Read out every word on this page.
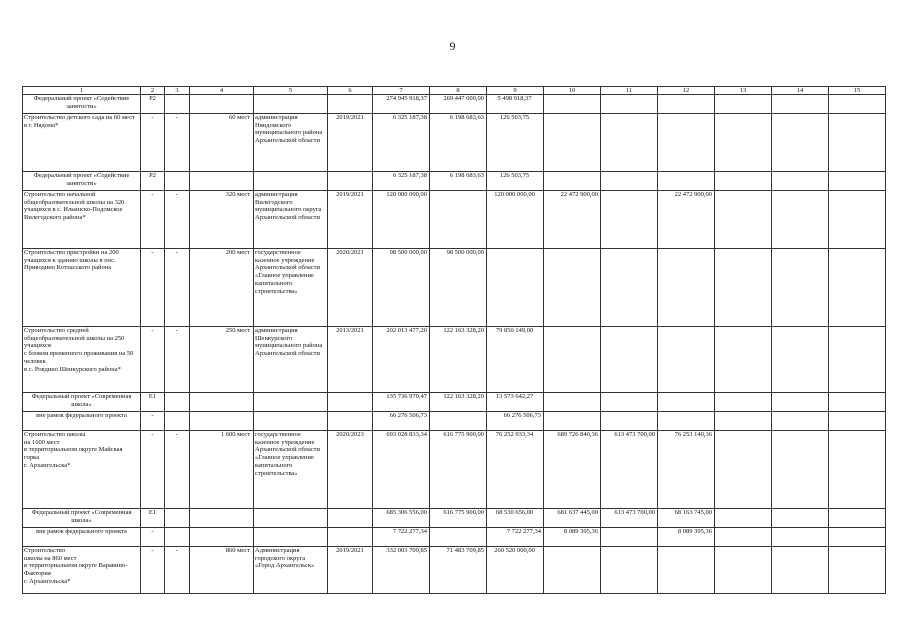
9
1	2	3	4	5	6	7	8	9	10	11	12	13	14	15
Федеральный проект «Содействие занятости»	Р2					274 945 918,37	269 447 000,00	5 498 918,37						
Строительство детского сада на 60 мест
в г. Нядома*	-	-	60 мест	администрация Няндомского муниципального района Архангельской области	2019/2021	6 325 187,38	6 198 683,63	126 503,75						
Федеральный проект «Содействие занятости»	Р2					6 325 187,38	6 198 683,63	126 503,75						
Строительство начальной общеобразовательной школы на 320 учащихся в с. Ильинско-Подомское Вилегодского района*	-	-	320 мест	администрация Вилегодского муниципального округа Архангельской области	2019/2021	120 000 000,00		120 000 000,00	22 472 900,00		22 472 900,00			
Строительство пристройки на 200 учащихся к зданию школы в пос. Приводино Котласского района	-	-	200 мест	государственное казенное учреждение Архангельской области «Главное управление капитального строительства»	2020/2021	98 500 000,00	98 500 000,00							
Строительство средней общеобразовательной школы на 250 учащихся
с блоком временного проживания на 50 человек
в с. Ровдино Шенкурского района*	-	-	250 мест	администрация Шенкурского муниципального района Архангельской области	2013/2021	202 013 477,20	122 163 328,20	79 850 149,00						
Федеральный проект «Современная школа»	Е1					135 736 970,47	122 163 328,20	13 573 642,27						
вне рамок федерального проекта	-					66 276 506,73		66 276 506,73						
Строительство школы
на 1600 мест
в территориальном округе Майская горка
г. Архангельска*	-	-	1 600 мест	государственное казенное учреждение Архангельской области «Главное управление капитального строительства»	2020/2023	693 028 833,34	616 775 900,00	76 252 933,34	689 726 840,36	613 473 700,00	76 253 140,36			
Федеральный проект «Современная школа»	Е1					685 306 556,00	616 775 900,00	68 530 656,00	681 637 445,00	613 473 700,00	68 163 745,00			
вне рамок федерального проекта	-					7 722 277,34		7 722 277,34	8 089 395,36		8 089 395,36			
Строительство
школы на 860 мест
в территориальном округе Варавино-Фактория
г. Архангельска*	-	-	860 мест	Администрация городского округа «Город Архангельск»	2019/2021	332 003 709,85	71 483 709,85	260 520 000,00						
